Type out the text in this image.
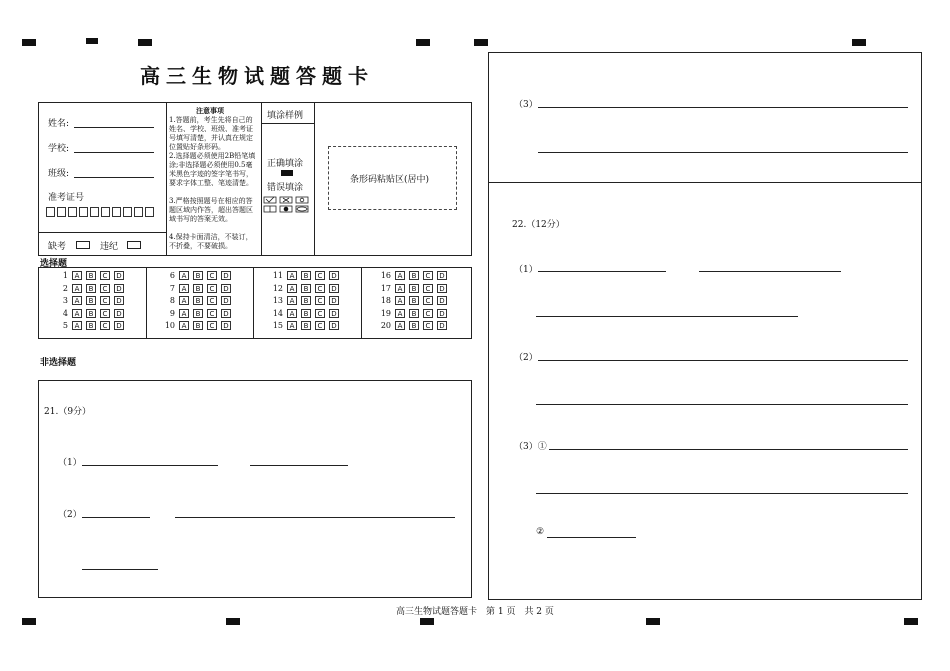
高三生物试题答题卡
姓名:
学校:
班级:
准考证号
缺考	违纪
注意事项
1.答题前，考生先将自己的姓名、学校、班级、准考证号填写清楚，并认真在规定位置贴好条形码。
2.选择题必须使用2B铅笔填涂;非选择题必须使用0.5毫米黑色字迹的签字笔书写，要求字体工整、笔迹清楚。
3.严格按照题号在相应的答题区域内作答，超出答题区域书写的答案无效。
4.保持卡面清洁，不装订，不折叠，不要破损。
填涂样例
正确填涂
错误填涂
条形码粘贴区(居中)
选择题
1 A B C D
2 A B C D
3 A B C D
4 A B C D
5 A B C D
6 A B C D
7 A B C D
8 A B C D
9 A B C D
10 A B C D
11 A B C D
12 A B C D
13 A B C D
14 A B C D
15 A B C D
16 A B C D
17 A B C D
18 A B C D
19 A B C D
20 A B C D
非选择题
21.（9分）
（1）
（2）
（3）
22.（12分）
（1）
（2）
（3）①
②
高三生物试题答题卡　第 1 页　共 2 页
